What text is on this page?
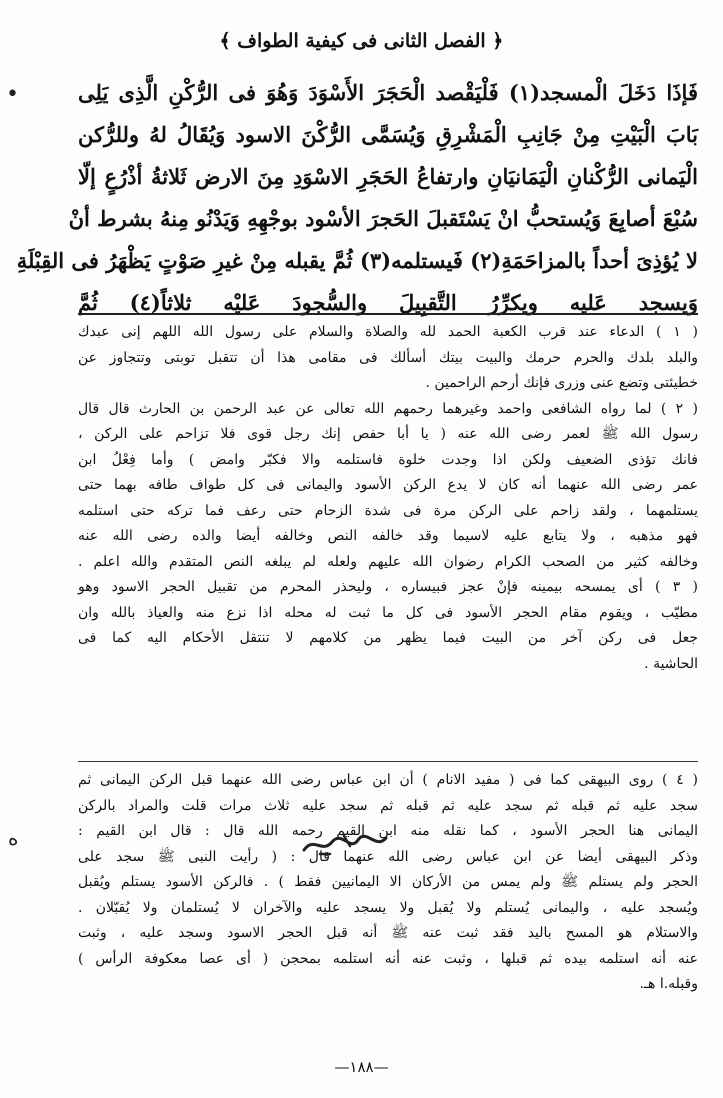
﴿ الفصل الثانى فى كيفية الطواف ﴾
•
ه
فَإذَا دَخَلَ الْمسجد(١) فَلْيَقْصد الْحَجَرَ الأَسْوَدَ وَهُوَ فى الرُّكْنِ الَّذِى يَلِى
بَابَ الْبَيْتِ مِنْ جَانِبِ الْمَشْرِقِ وَيُسَمَّى الرُّكْنَ الاسود وَيُقَالُ لهُ وللرُّكن
الْيَمانى الرُّكْنانِ الْيَمَانيَانِ وارتفاعُ الحَجَرِ الاسْوَدِ مِنَ الارض ثَلاثةُ أذْرُعٍ إلّا
سُبْعَ أصابِعَ وَيُستحبُّ انْ يَسْتَقبلَ الحَجرَ الأسْود بوجْهِهِ وَيَدْنُو مِنهُ بشرط أنْ
لا يُؤذِىَ أحداً بالمزاحَمَةِ(٢) فَيستلمه(٣) ثُمَّ يقبله مِنْ غيرِ صَوْتٍ يَظْهَرُ فى القِبْلَةِ
وَيسجد عَليه ويكرِّرُ التَّقبِيلَ والسُّجودَ عَليْه ثلاثاً(٤) ثُمَّ
( ١ ) الدعاء عند قرب الكعبة الحمد لله والصلاة والسلام على رسول الله اللهم إنى عبدك
والبلد بلدك والحرم حرمك والبيت بيتك أسألك فى مقامى هذا أن تتقبل توبتى وتتجاوز عن
خطيئتى وتضع عنى وزرى فإنك أرحم الراحمين .
( ٢ ) لما رواه الشافعى واحمد وغيرهما رحمهم الله تعالى عن عبد الرحمن بن الحارث قال قال
رسول الله ﷺ لعمر رضى الله عنه ( يا أبا حفص إنك رجل قوى فلا تزاحم على الركن ،
فانك تؤذى الضعيف ولكن اذا وجدت خلوة فاستلمه والا فكبّر وامض ) وأما فِعْلُ ابن
عمر رضى الله عنهما أنه كان لا يدع الركن الأسود واليمانى فى كل طواف طافه بهما حتى
يستلمهما ، ولقد زاحم على الركن مرة فى شدة الزحام حتى رعف فما تركه حتى استلمه
فهو مذهبه ، ولا يتابع عليه لاسيما وقد خالفه النص وخالفه أيضا والده رضى الله عنه
وخالفه كثير من الصحب الكرام رضوان الله عليهم ولعله لم يبلغه النص المتقدم والله اعلم .
( ٣ ) أى يمسحه بيمينه فإنْ عجز فبيساره ، وليحذر المحرم من تقبيل الحجر الاسود وهو
مطيّب ، ويقوم مقام الحجر الأسود فى كل ما ثبت له محله اذا نزع منه والعياذ بالله وان
جعل فى ركن آخر من البيت فيما يظهر من كلامهم لا تنتقل الأحكام اليه كما فى
الحاشية .
( ٤ ) روى البيهقى كما فى ( مفيد الانام ) أن ابن عباس رضى الله عنهما قبل الركن اليمانى ثم
سجد عليه ثم قبله ثم سجد عليه ثم قبله ثم سجد عليه ثلاث مرات قلت والمراد بالركن
اليمانى هنا الحجر الأسود ، كما نقله منه ابن القيم رحمه الله قال : قال ابن القيم :
وذكر البيهقى أيضا عن ابن عباس رضى الله عنهما قال : ( رأيت النبى ﷺ سجد على
الحجر ولم يستلم ﷺ ولم يمس من الأركان الا اليمانيين فقط ) . فالركن الأسود يستلم ويُقبل
ويُسجد عليه ، واليمانى يُستلم ولا يُقبل ولا يسجد عليه والآخران لا يُستلمان ولا يُقبّلان .
والاستلام هو المسح باليد فقد ثبت عنه ﷺ أنه قبل الحجر الاسود وسجد عليه ، وثبت
عنه أنه استلمه بيده ثم قبلها ، وثبت عنه أنه استلمه بمحجن ( أى عصا معكوفة الرأس )
وقبله.ا هـ.
—١٨٨—
